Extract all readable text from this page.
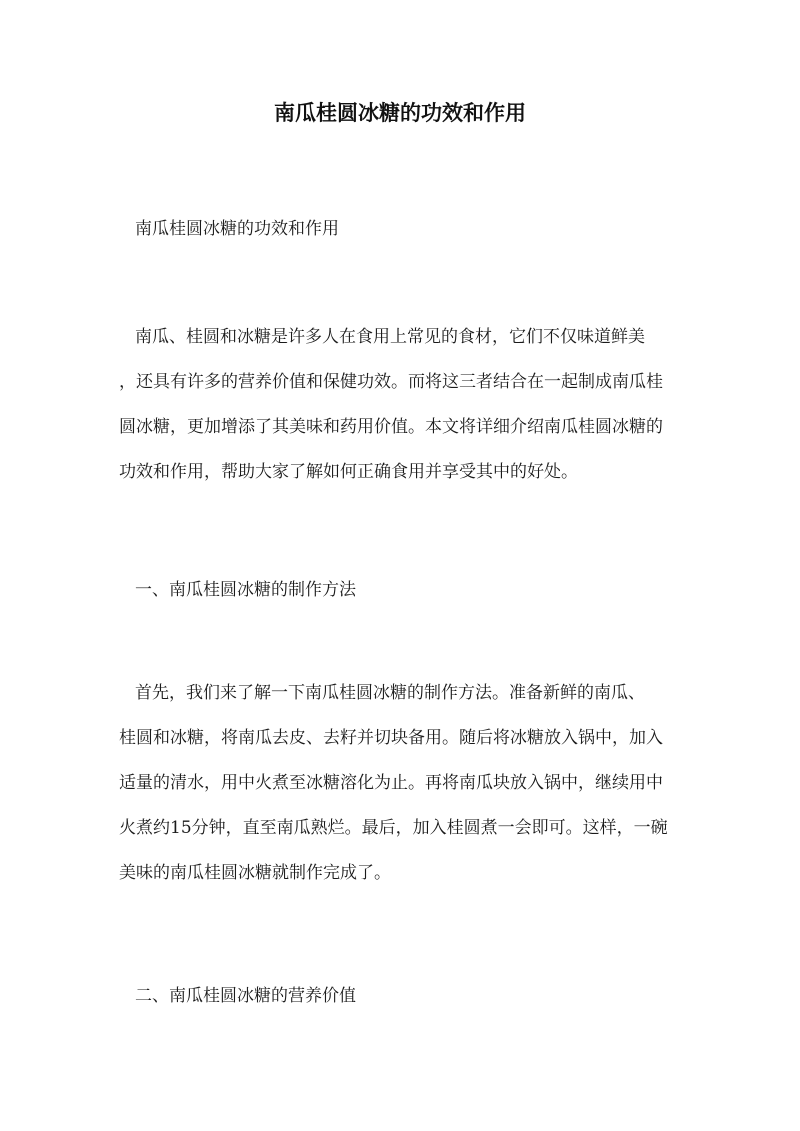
南瓜桂圆冰糖的功效和作用

南瓜桂圆冰糖的功效和作用

南瓜、桂圆和冰糖是许多人在食用上常见的食材，它们不仅味道鲜美
，还具有许多的营养价值和保健功效。而将这三者结合在一起制成南瓜桂
圆冰糖，更加增添了其美味和药用价值。本文将详细介绍南瓜桂圆冰糖的
功效和作用，帮助大家了解如何正确食用并享受其中的好处。

一、南瓜桂圆冰糖的制作方法

首先，我们来了解一下南瓜桂圆冰糖的制作方法。准备新鲜的南瓜、
桂圆和冰糖，将南瓜去皮、去籽并切块备用。随后将冰糖放入锅中，加入
适量的清水，用中火煮至冰糖溶化为止。再将南瓜块放入锅中，继续用中
火煮约15分钟，直至南瓜熟烂。最后，加入桂圆煮一会即可。这样，一碗
美味的南瓜桂圆冰糖就制作完成了。

二、南瓜桂圆冰糖的营养价值
